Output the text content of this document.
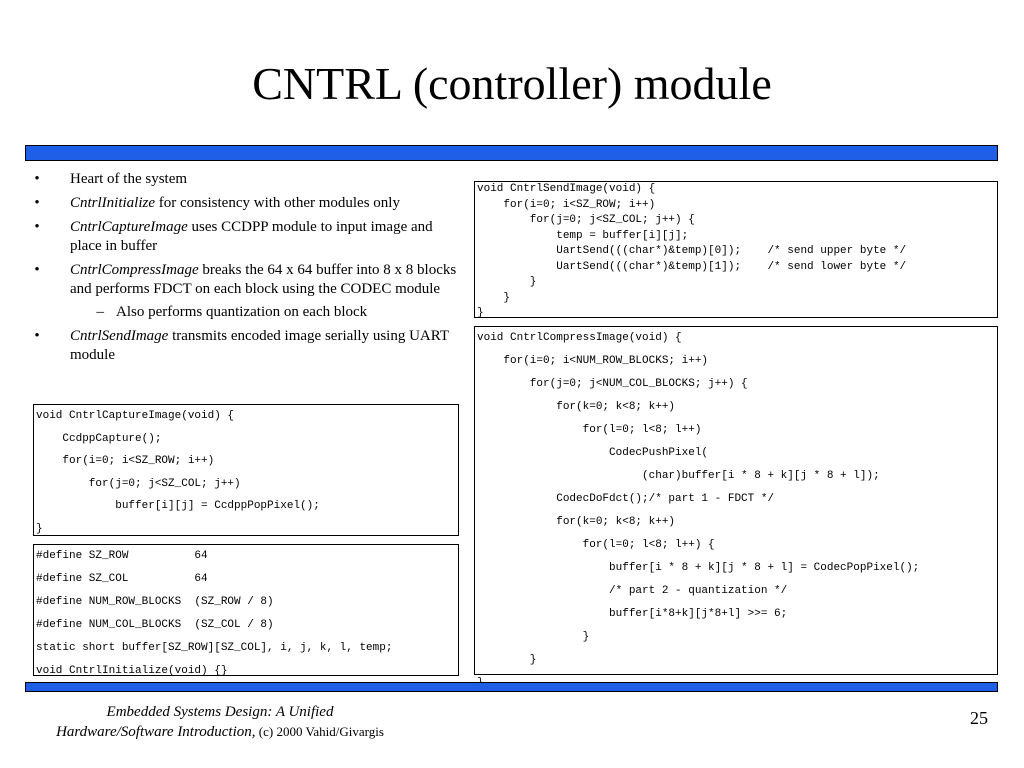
CNTRL (controller) module
• Heart of the system
• CntrlInitialize for consistency with other modules only
• CntrlCaptureImage uses CCDPP module to input image and place in buffer
• CntrlCompressImage breaks the 64 x 64 buffer into 8 x 8 blocks and performs FDCT on each block using the CODEC module
– Also performs quantization on each block
• CntrlSendImage transmits encoded image serially using UART module
void CntrlCaptureImage(void) {
CcdppCapture();
for(i=0; i<SZ_ROW; i++)
for(j=0; j<SZ_COL; j++)
buffer[i][j] = CcdppPopPixel();
}
#define SZ_ROW          64
#define SZ_COL          64
#define NUM_ROW_BLOCKS  (SZ_ROW / 8)
#define NUM_COL_BLOCKS  (SZ_COL / 8)
static short buffer[SZ_ROW][SZ_COL], i, j, k, l, temp;
void CntrlInitialize(void) {}
void CntrlSendImage(void) {
for(i=0; i<SZ_ROW; i++)
for(j=0; j<SZ_COL; j++) {
temp = buffer[i][j];
UartSend(((char*)&temp)[0]);    /* send upper byte */
UartSend(((char*)&temp)[1]);    /* send lower byte */
}
}
}
void CntrlCompressImage(void) {
for(i=0; i<NUM_ROW_BLOCKS; i++)
for(j=0; j<NUM_COL_BLOCKS; j++) {
for(k=0; k<8; k++)
for(l=0; l<8; l++)
CodecPushPixel(
(char)buffer[i * 8 + k][j * 8 + l]);
CodecDoFdct();/* part 1 - FDCT */
for(k=0; k<8; k++)
for(l=0; l<8; l++) {
buffer[i * 8 + k][j * 8 + l] = CodecPopPixel();
/* part 2 - quantization */
buffer[i*8+k][j*8+l] >>= 6;
}
}
Embedded Systems Design: A Unified
Hardware/Software Introduction, (c) 2000 Vahid/Givargis
25
